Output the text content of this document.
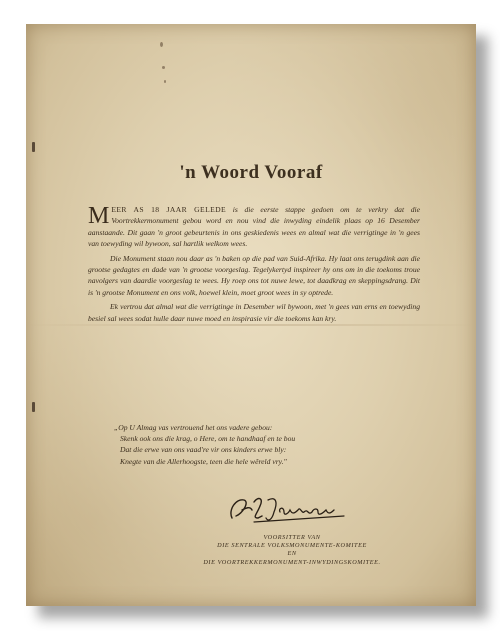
'n Woord Vooraf

MEER AS 18 JAAR GELEDE is die eerste stappe gedoen om te verkry dat die Voortrekkermonument gebou word en nou vind die inwyding eindelik plaas op 16 Desember aanstaande. Dit gaan 'n groot gebeurtenis in ons geskiedenis wees en almal wat die verrigtinge in 'n gees van toewyding wil bywoon, sal hartlik welkom wees.

Die Monument staan nou daar as 'n baken op die pad van Suid-Afrika. Hy laat ons terugdink aan die grootse gedagtes en dade van 'n grootse voorgeslag. Tegelykertyd inspireer hy ons om in die toekoms troue navolgers van daardie voorgeslag te wees. Hy roep ons tot nuwe lewe, tot daadkrag en skeppingsdrang. Dit is 'n grootse Monument en ons volk, hoewel klein, moet groot wees in sy optrede.

Ek vertrou dat almal wat die verrigtinge in Desember wil bywoon, met 'n gees van erns en toewyding besiel sal wees sodat hulle daar nuwe moed en inspirasie vir die toekoms kan kry.

„Op U Almag vas vertrouend het ons vadere gebou:
Skenk ook ons die krag, o Here, om te handhaaf en te bou
Dat die erwe van ons vaad're vir ons kinders erwe bly:
Knegte van die Allerhoogste, teen die hele wêreld vry."
VOORSITTER VAN
DIE SENTRALE VOLKSMONUMENTE-KOMITEE
EN
DIE VOORTREKKERMONUMENT-INWYDINGSKOMITEE.
